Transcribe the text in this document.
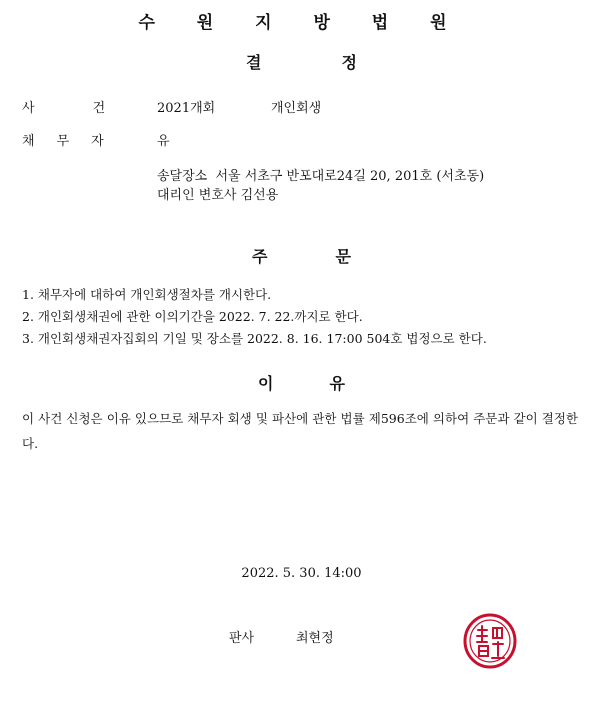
수 원 지 방 법 원
결	정
사	건	2021개회	개인회생
채 무 자	유
송달장소  서울 서초구 반포대로24길 20, 201호 (서초동)
대리인 변호사 김선용
주	문
1. 채무자에 대하여 개인회생절차를 개시한다.
2. 개인회생채권에 관한 이의기간을 2022. 7. 22.까지로 한다.
3. 개인회생채권자집회의 기일 및 장소를 2022. 8. 16. 17:00 504호 법정으로 한다.
이	유
이 사건 신청은 이유 있으므로 채무자 회생 및 파산에 관한 법률 제596조에 의하여 주문과 같이 결정한다.
2022. 5. 30. 14:00
판사	최현정
